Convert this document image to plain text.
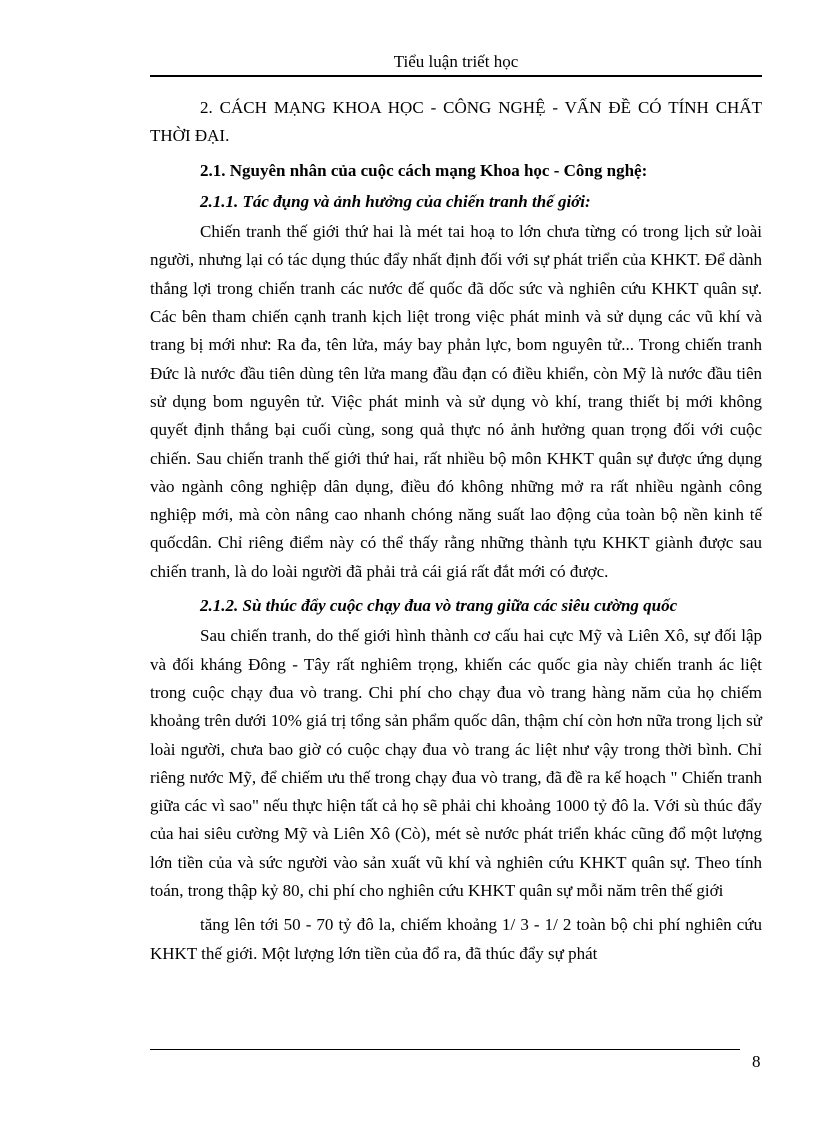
Tiểu luận triết học

2. CÁCH MẠNG KHOA HỌC - CÔNG NGHỆ - VẤN ĐỀ CÓ TÍNH CHẤT THỜI ĐẠI.

2.1. Nguyên nhân của cuộc cách mạng Khoa học - Công nghệ:

2.1.1. Tác đụng và ảnh hưởng của chiến tranh thế giới:

Chiến tranh thế giới thứ hai là mét tai hoạ to lớn chưa từng có trong lịch sử loài người, nhưng lại có tác dụng thúc đẩy nhất định đối với sự phát triển của KHKT. Để dành thắng lợi trong chiến tranh các nước đế quốc đã dốc sức và nghiên cứu KHKT quân sự. Các bên tham chiến cạnh tranh kịch liệt trong việc phát minh và sử dụng các vũ khí và trang bị mới như: Ra đa, tên lửa, máy bay phản lực, bom nguyên tử... Trong chiến tranh Đức là nước đầu tiên dùng tên lửa mang đầu đạn có điều khiển, còn Mỹ là nước đầu tiên sử dụng bom nguyên tử. Việc phát minh và sử dụng vò khí, trang thiết bị mới không quyết định thắng bại cuối cùng, song quả thực nó ảnh hưởng quan trọng đối với cuộc chiến. Sau chiến tranh thế giới thứ hai, rất nhiều bộ môn KHKT quân sự được ứng dụng vào ngành công nghiệp dân dụng, điều đó không những mở ra rất nhiều ngành công nghiệp mới, mà còn nâng cao nhanh chóng năng suất lao động của toàn bộ nền kinh tế quốcdân. Chỉ riêng điểm này có thể thấy rằng những thành tựu KHKT giành được sau chiến tranh, là do loài người đã phải trả cái giá rất đắt mới có được.

2.1.2. Sù thúc đẩy cuộc chạy đua vò trang giữa các siêu cường quốc

Sau chiến tranh, do thế giới hình thành cơ cấu hai cực Mỹ và Liên Xô, sự đối lập và đối kháng Đông - Tây rất nghiêm trọng, khiến các quốc gia này chiến tranh ác liệt trong cuộc chạy đua vò trang. Chi phí cho chạy đua vò trang hàng năm của họ chiếm khoảng trên dưới 10% giá trị tổng sản phẩm quốc dân, thậm chí còn hơn nữa trong lịch sử loài người, chưa bao giờ có cuộc chạy đua vò trang ác liệt như vậy trong thời bình. Chỉ riêng nước Mỹ, để chiếm ưu thế trong chạy đua vò trang, đã đề ra kế hoạch " Chiến tranh giữa các vì sao" nếu thực hiện tất cả họ sẽ phải chi khoảng 1000 tỷ đô la. Với sù thúc đẩy của hai siêu cường Mỹ và Liên Xô (Cò), mét sè nước phát triển khác cũng đổ một lượng lớn tiền của và sức người vào sản xuất vũ khí và nghiên cứu KHKT quân sự. Theo tính toán, trong thập kỷ 80, chi phí cho nghiên cứu KHKT quân sự mỗi năm trên thế giới

tăng lên tới 50 - 70 tỷ đô la, chiếm khoảng 1/ 3 - 1/ 2 toàn bộ chi phí nghiên cứu KHKT thế giới. Một lượng lớn tiền của đổ ra, đã thúc đẩy sự phát

8
